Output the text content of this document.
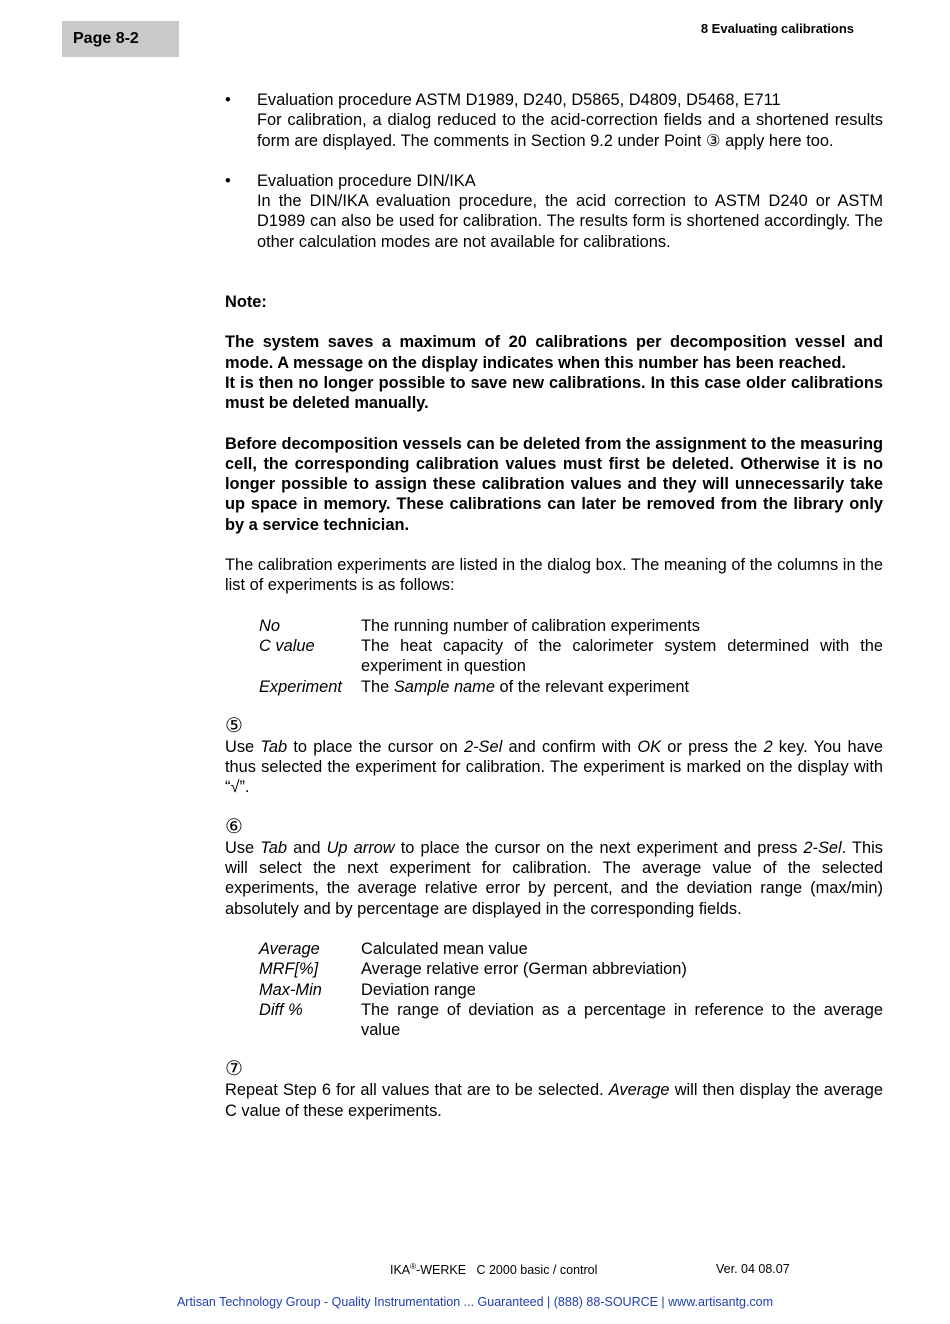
Page 8-2
8 Evaluating calibrations
• Evaluation procedure ASTM D1989, D240, D5865, D4809, D5468, E711

For calibration, a dialog reduced to the acid-correction fields and a shortened results form are displayed. The comments in Section 9.2 under Point ③ apply here too.

• Evaluation procedure DIN/IKA

In the DIN/IKA evaluation procedure, the acid correction to ASTM D240 or ASTM D1989 can also be used for calibration. The results form is shortened accordingly. The other calculation modes are not available for calibrations.

Note:

The system saves a maximum of 20 calibrations per decomposition vessel and mode. A message on the display indicates when this number has been reached.

It is then no longer possible to save new calibrations. In this case older calibrations must be deleted manually.

Before decomposition vessels can be deleted from the assignment to the measuring cell, the corresponding calibration values must first be deleted. Otherwise it is no longer possible to assign these calibration values and they will unnecessarily take up space in memory. These calibrations can later be removed from the library only by a service technician.

The calibration experiments are listed in the dialog box. The meaning of the columns in the list of experiments is as follows:

No	The running number of calibration experiments
C value	The heat capacity of the calorimeter system determined with the experiment in question
Experiment	The Sample name of the relevant experiment
⑤

Use Tab to place the cursor on 2-Sel and confirm with OK or press the 2 key. You have thus selected the experiment for calibration. The experiment is marked on the display with “√”.

⑥

Use Tab and Up arrow to place the cursor on the next experiment and press 2-Sel. This will select the next experiment for calibration. The average value of the selected experiments, the average relative error by percent, and the deviation range (max/min) absolutely and by percentage are displayed in the corresponding fields.

Average	Calculated mean value
MRF[%]	Average relative error (German abbreviation)
Max-Min	Deviation range
Diff %	The range of deviation as a percentage in reference to the average value
⑦

Repeat Step 6 for all values that are to be selected. Average will then display the average C value of these experiments.

IKA®-WERKE   C 2000 basic / control	Ver. 04 08.07
Artisan Technology Group - Quality Instrumentation ... Guaranteed | (888) 88-SOURCE | www.artisantg.com
